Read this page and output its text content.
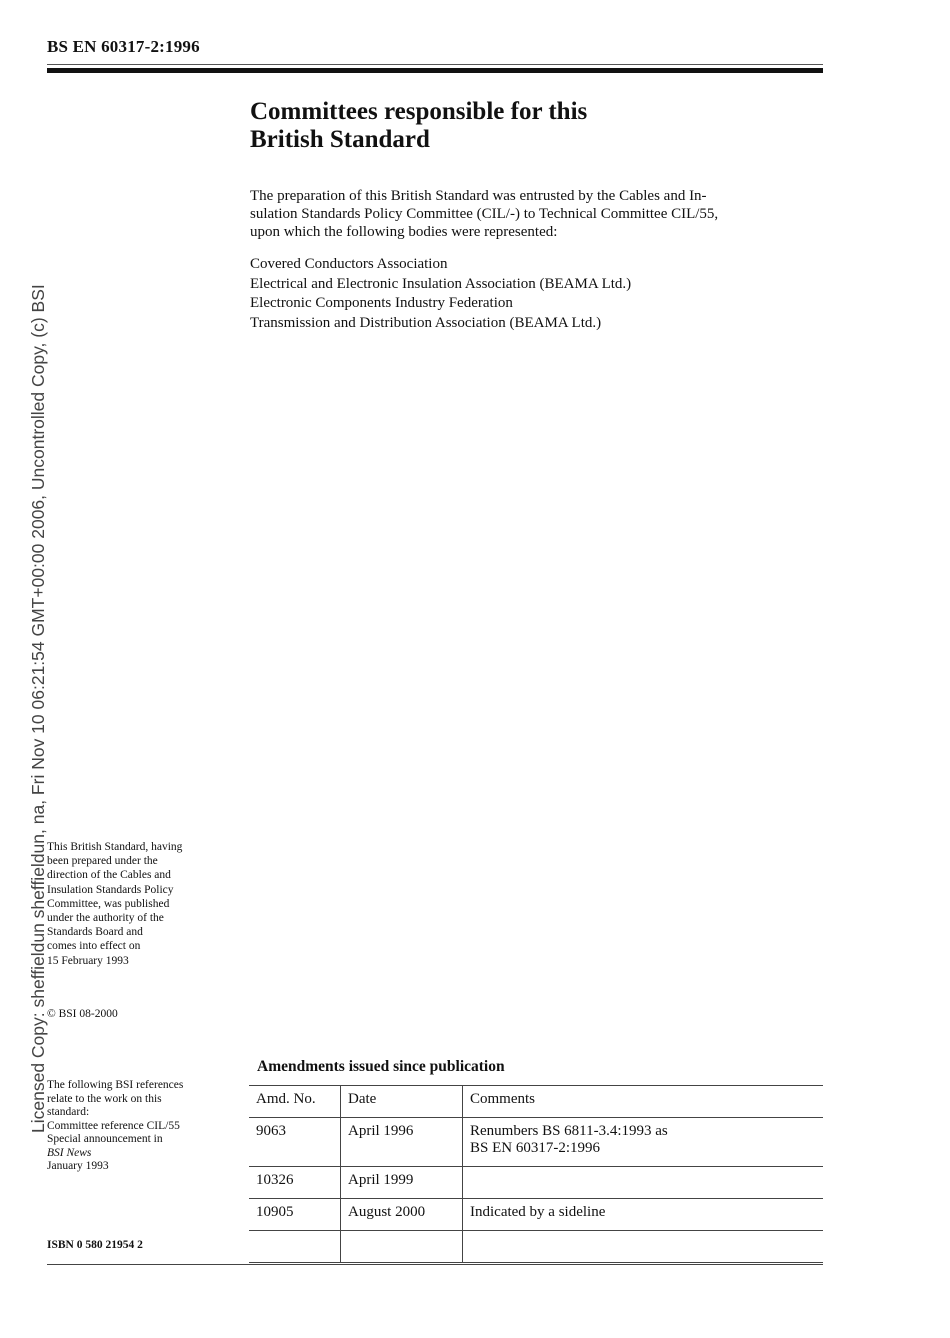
Licensed Copy: sheffieldun sheffieldun, na, Fri Nov 10 06:21:54 GMT+00:00 2006, Uncontrolled Copy, (c) BSI
BS EN 60317-2:1996
Committees responsible for this
British Standard

The preparation of this British Standard was entrusted by the Cables and In-
sulation Standards Policy Committee (CIL/-) to Technical Committee CIL/55,
upon which the following bodies were represented:

Covered Conductors Association
Electrical and Electronic Insulation Association (BEAMA Ltd.)
Electronic Components Industry Federation
Transmission and Distribution Association (BEAMA Ltd.)

This British Standard, having
been prepared under the
direction of the Cables and
Insulation Standards Policy
Committee, was published
under the authority of the
Standards Board and
comes into effect on
15 February 1993

© BSI 08-2000
The following BSI references
relate to the work on this
standard:
Committee reference CIL/55
Special announcement in
BSI News
January 1993
ISBN 0 580 21954 2
Amendments issued since publication
Amd. No.	Date	Comments
9063	April 1996	Renumbers BS 6811-3.4:1993 as
BS EN 60317-2:1996
10326	April 1999	
10905	August 2000	Indicated by a sideline
